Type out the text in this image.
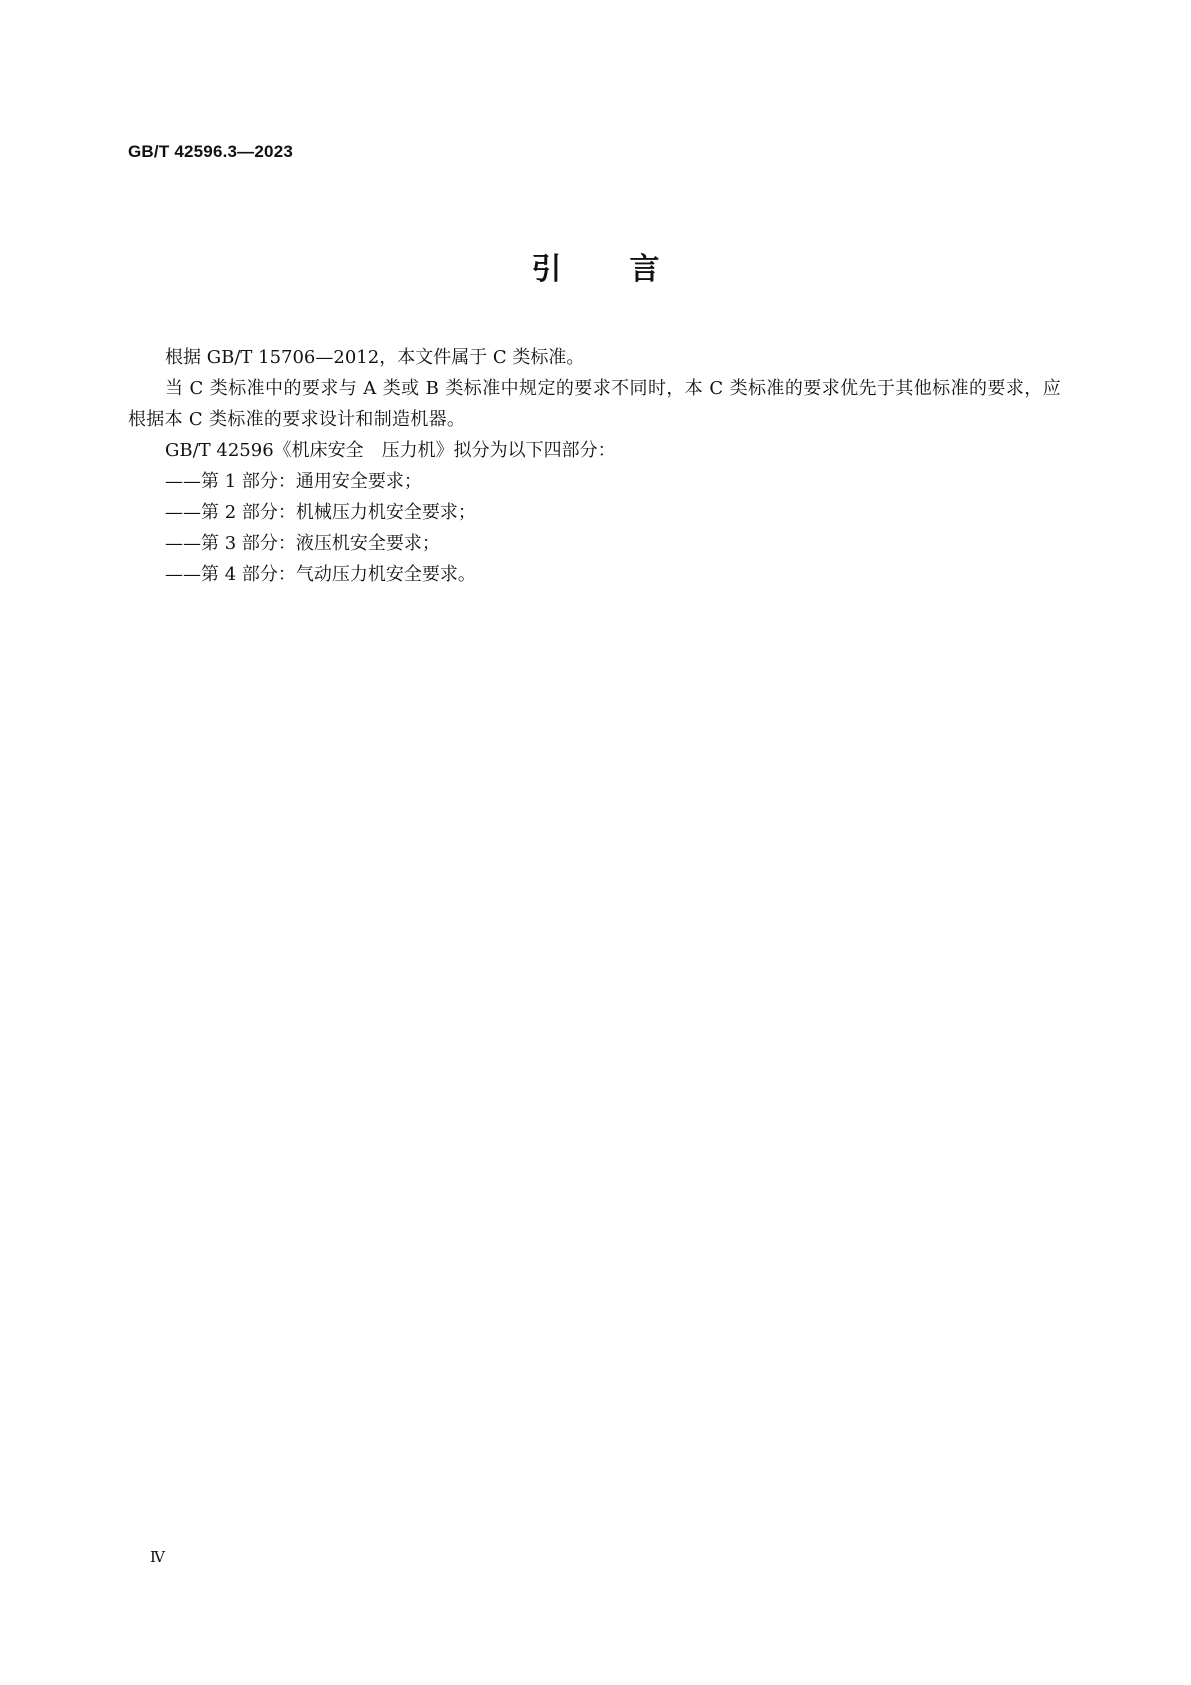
GB/T 42596.3—2023
引言

根据 GB/T 15706—2012，本文件属于 C 类标准。

当 C 类标准中的要求与 A 类或 B 类标准中规定的要求不同时，本 C 类标准的要求优先于其他标准的要求，应根据本 C 类标准的要求设计和制造机器。

GB/T 42596《机床安全　压力机》拟分为以下四部分：

——第 1 部分：通用安全要求；

——第 2 部分：机械压力机安全要求；

——第 3 部分：液压机安全要求；

——第 4 部分：气动压力机安全要求。

Ⅳ
